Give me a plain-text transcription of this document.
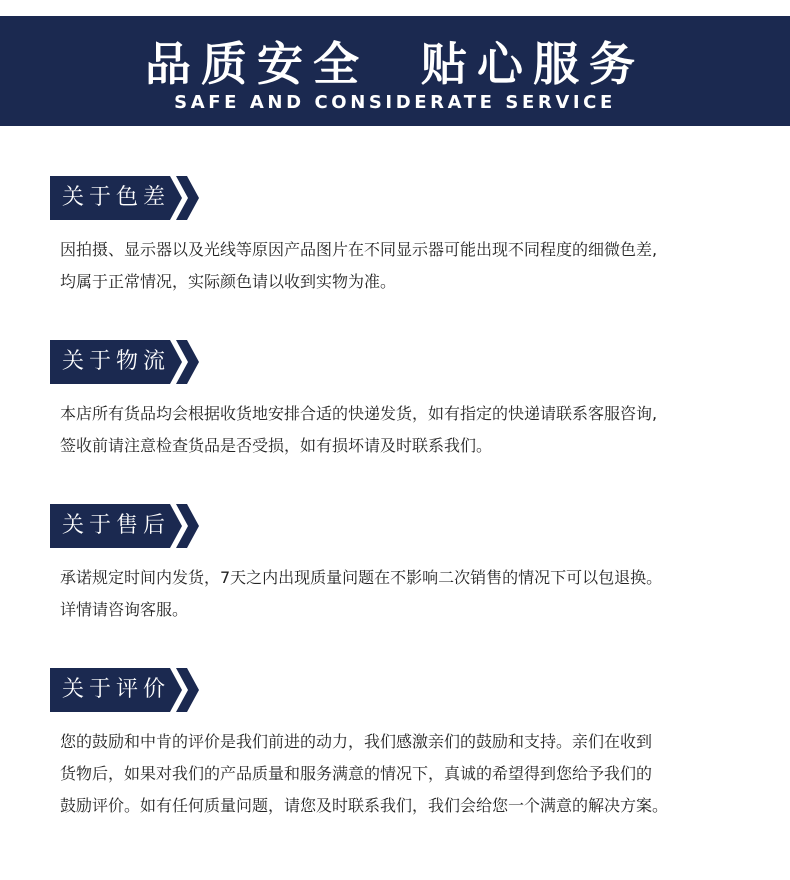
品质安全  贴心服务
SAFE AND CONSIDERATE SERVICE
关于色差
因拍摄、显示器以及光线等原因产品图片在不同显示器可能出现不同程度的细微色差,
均属于正常情况，实际颜色请以收到实物为准。
关于物流
本店所有货品均会根据收货地安排合适的快递发货，如有指定的快递请联系客服咨询,
签收前请注意检查货品是否受损，如有损坏请及时联系我们。
关于售后
承诺规定时间内发货，7天之内出现质量问题在不影响二次销售的情况下可以包退换。
详情请咨询客服。
关于评价
您的鼓励和中肯的评价是我们前进的动力，我们感激亲们的鼓励和支持。亲们在收到
货物后，如果对我们的产品质量和服务满意的情况下，真诚的希望得到您给予我们的
鼓励评价。如有任何质量问题，请您及时联系我们，我们会给您一个满意的解决方案。
